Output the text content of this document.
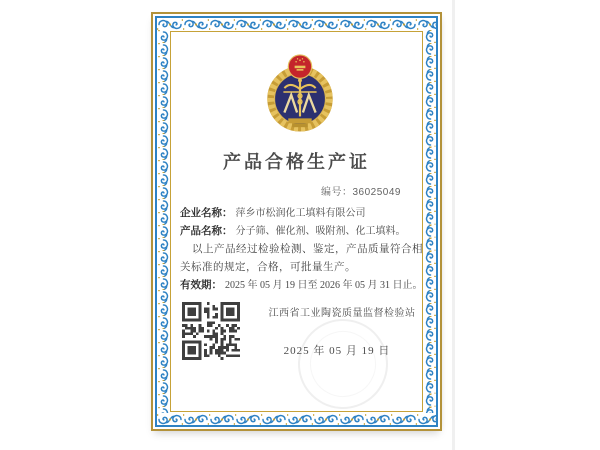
产品合格生产证
编号：36025049
企业名称： 萍乡市松润化工填料有限公司
产品名称： 分子筛、催化剂、吸附剂、化工填料。
以上产品经过检验检测、鉴定，产品质量符合相
关标准的规定，合格，可批量生产。
有效期： 2025 年 05 月 19 日至 2026 年 05 月 31 日止。
江西省工业陶瓷质量监督检验站
2025 年 05 月 19 日
